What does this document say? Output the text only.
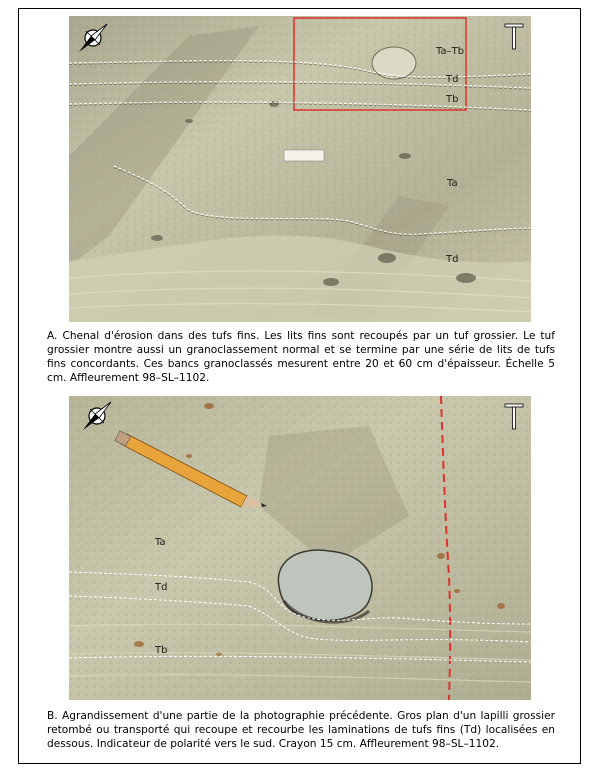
Ta–Tb
Td
Tb
Ta
Td
A. Chenal d'érosion dans des tufs fins. Les lits fins sont recoupés par un tuf grossier. Le tuf grossier montre aussi un granoclassement normal et se termine par une série de lits de tufs fins concordants. Ces bancs granoclassés mesurent entre 20 et 60 cm d'épaisseur. Échelle 5 cm. Affleurement 98–SL–1102.
Ta
Td
Tb
B. Agrandissement d'une partie de la photographie précédente. Gros plan d'un lapilli grossier retombé ou transporté qui recoupe et recourbe les laminations de tufs fins (Td) localisées en dessous. Indicateur de polarité vers le sud. Crayon 15 cm. Affleurement 98–SL–1102.
